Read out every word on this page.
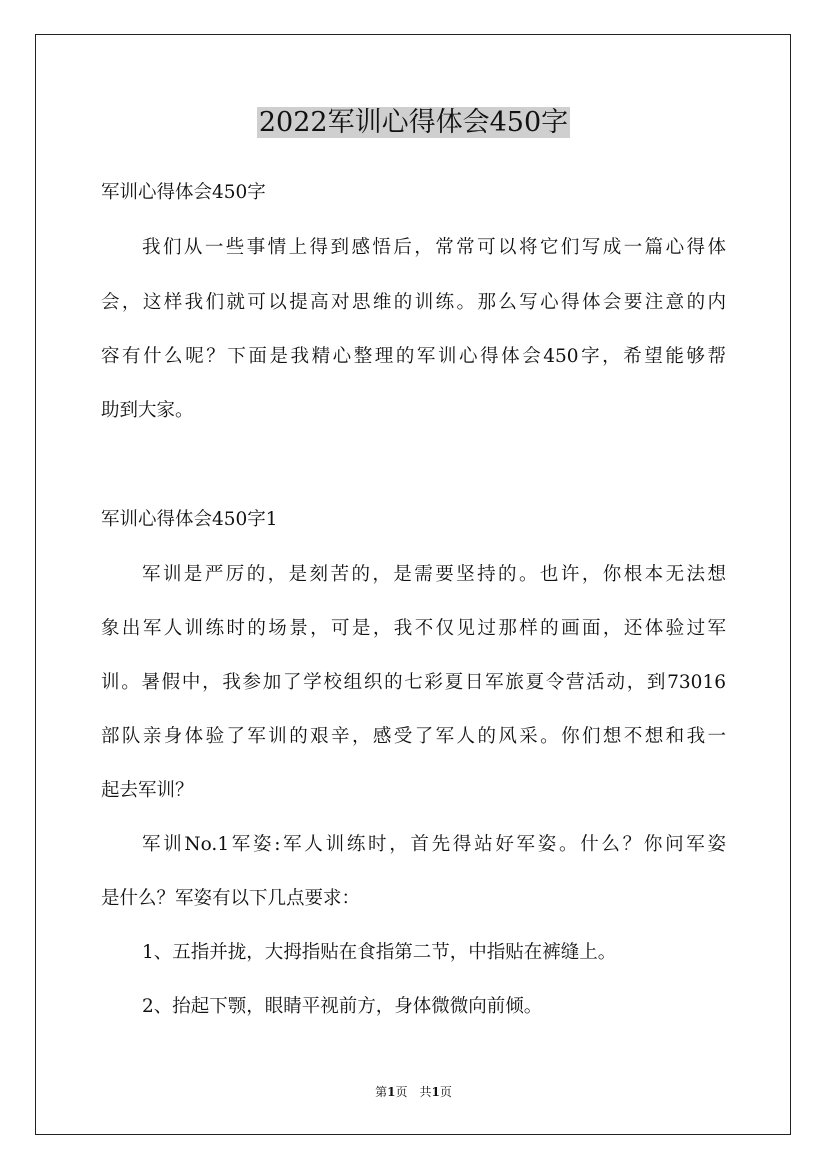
2022军训心得体会450字
军训心得体会450字
我们从一些事情上得到感悟后，常常可以将它们写成一篇心得体
会，这样我们就可以提高对思维的训练。那么写心得体会要注意的内
容有什么呢？下面是我精心整理的军训心得体会450字，希望能够帮
助到大家。
军训心得体会450字1
军训是严厉的，是刻苦的，是需要坚持的。也许，你根本无法想
象出军人训练时的场景，可是，我不仅见过那样的画面，还体验过军
训。暑假中，我参加了学校组织的七彩夏日军旅夏令营活动，到73016
部队亲身体验了军训的艰辛，感受了军人的风采。你们想不想和我一
起去军训？
军训No.1军姿:军人训练时，首先得站好军姿。什么？你问军姿
是什么？军姿有以下几点要求：
1、五指并拢，大拇指贴在食指第二节，中指贴在裤缝上。
2、抬起下颚，眼睛平视前方，身体微微向前倾。
第1页　共1页
